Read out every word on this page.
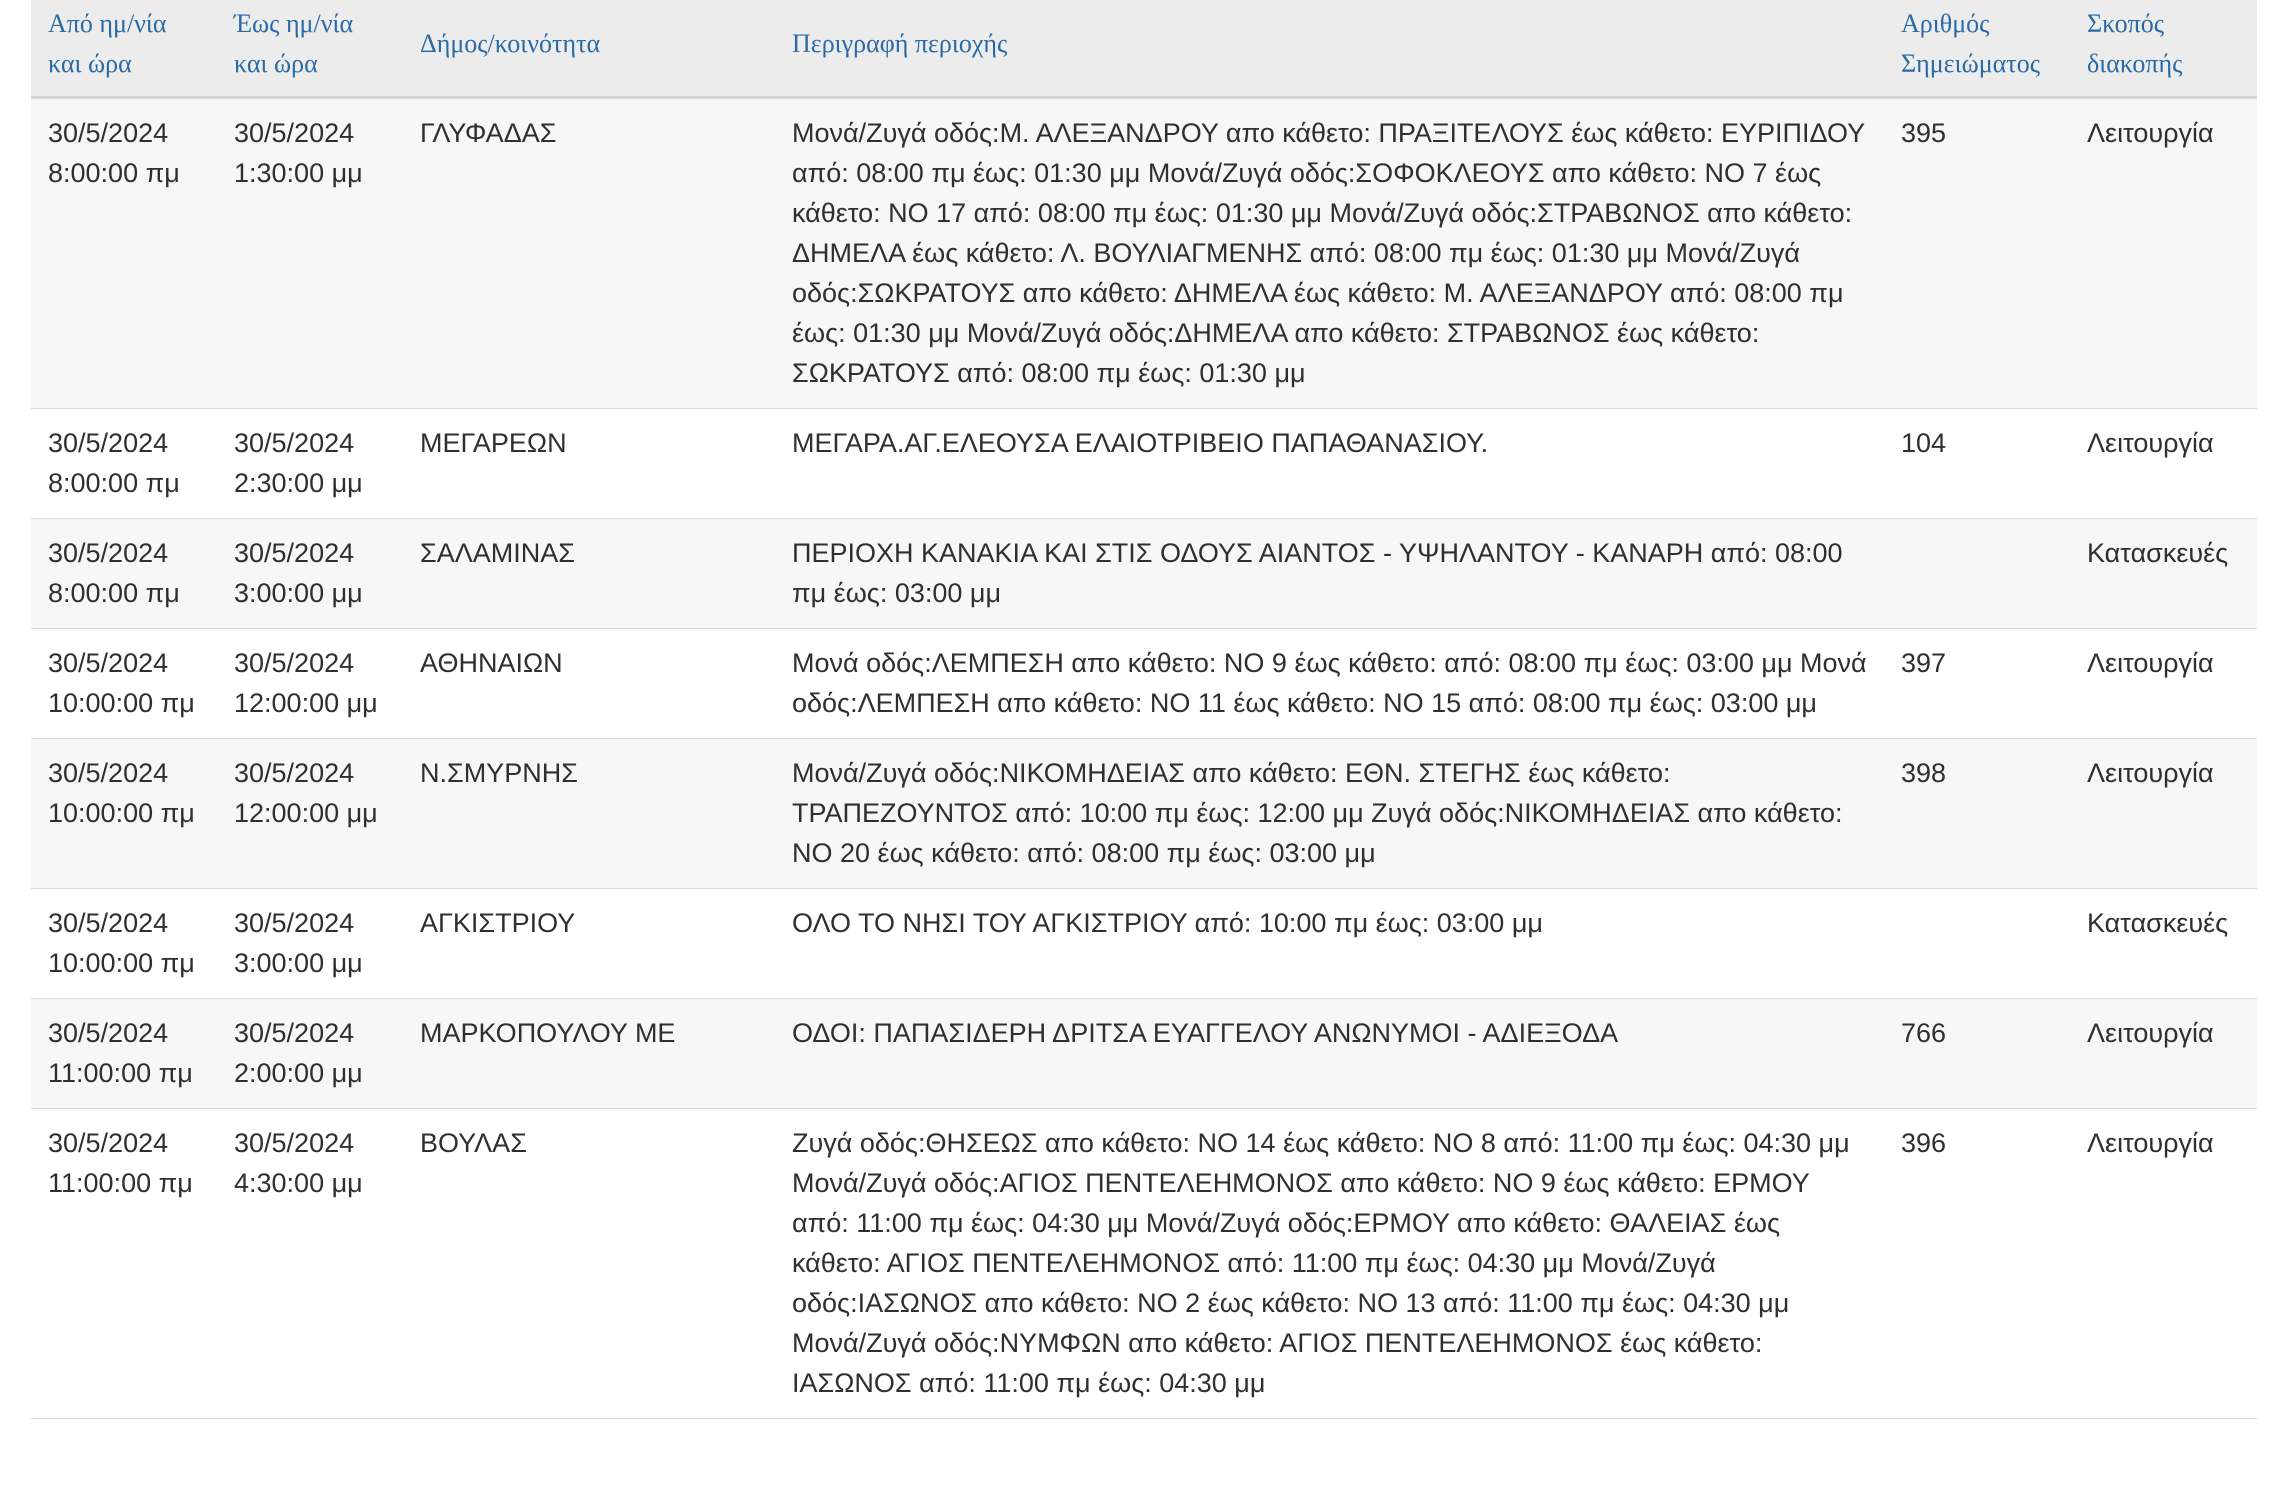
Από ημ/νία
και ώρα	Έως ημ/νία
και ώρα	Δήμος/κοινότητα	Περιγραφή περιοχής	Αριθμός
Σημειώματος	Σκοπός
διακοπής

30/5/2024
8:00:00 πμ	30/5/2024
1:30:00 μμ	ΓΛΥΦΑΔΑΣ	Μονά/Ζυγά οδός:Μ. ΑΛΕΞΑΝΔΡΟΥ απο κάθετο: ΠΡΑΞΙΤΕΛΟΥΣ έως κάθετο: ΕΥΡΙΠΙΔΟΥ από: 08:00 πμ έως: 01:30 μμ Μονά/Ζυγά οδός:ΣΟΦΟΚΛΕΟΥΣ απο κάθετο: ΝΟ 7 έως κάθετο: ΝΟ 17 από: 08:00 πμ έως: 01:30 μμ Μονά/Ζυγά οδός:ΣΤΡΑΒΩΝΟΣ απο κάθετο: ΔΗΜΕΛΑ έως κάθετο: Λ. ΒΟΥΛΙΑΓΜΕΝΗΣ από: 08:00 πμ έως: 01:30 μμ Μονά/Ζυγά οδός:ΣΩΚΡΑΤΟΥΣ απο κάθετο: ΔΗΜΕΛΑ έως κάθετο: Μ. ΑΛΕΞΑΝΔΡΟΥ από: 08:00 πμ έως: 01:30 μμ Μονά/Ζυγά οδός:ΔΗΜΕΛΑ απο κάθετο: ΣΤΡΑΒΩΝΟΣ έως κάθετο: ΣΩΚΡΑΤΟΥΣ από: 08:00 πμ έως: 01:30 μμ	395	Λειτουργία

30/5/2024
8:00:00 πμ	30/5/2024
2:30:00 μμ	ΜΕΓΑΡΕΩΝ	ΜΕΓΑΡΑ.ΑΓ.ΕΛΕΟΥΣΑ ΕΛΑΙΟΤΡΙΒΕΙΟ ΠΑΠΑΘΑΝΑΣΙΟΥ.	104	Λειτουργία

30/5/2024
8:00:00 πμ	30/5/2024
3:00:00 μμ	ΣΑΛΑΜΙΝΑΣ	ΠΕΡΙΟΧΗ ΚΑΝΑΚΙΑ ΚΑΙ ΣΤΙΣ ΟΔΟΥΣ ΑΙΑΝΤΟΣ - ΥΨΗΛΑΝΤΟΥ - ΚΑΝΑΡΗ από: 08:00 πμ έως: 03:00 μμ		Κατασκευές

30/5/2024
10:00:00 πμ	30/5/2024
12:00:00 μμ	ΑΘΗΝΑΙΩΝ	Μονά οδός:ΛΕΜΠΕΣΗ απο κάθετο: ΝΟ 9 έως κάθετο: από: 08:00 πμ έως: 03:00 μμ Μονά οδός:ΛΕΜΠΕΣΗ απο κάθετο: ΝΟ 11 έως κάθετο: ΝΟ 15 από: 08:00 πμ έως: 03:00 μμ	397	Λειτουργία

30/5/2024
10:00:00 πμ	30/5/2024
12:00:00 μμ	Ν.ΣΜΥΡΝΗΣ	Μονά/Ζυγά οδός:ΝΙΚΟΜΗΔΕΙΑΣ απο κάθετο: ΕΘΝ. ΣΤΕΓΗΣ έως κάθετο: ΤΡΑΠΕΖΟΥΝΤΟΣ από: 10:00 πμ έως: 12:00 μμ Ζυγά οδός:ΝΙΚΟΜΗΔΕΙΑΣ απο κάθετο: ΝΟ 20 έως κάθετο: από: 08:00 πμ έως: 03:00 μμ	398	Λειτουργία

30/5/2024
10:00:00 πμ	30/5/2024
3:00:00 μμ	ΑΓΚΙΣΤΡΙΟΥ	ΟΛΟ ΤΟ ΝΗΣΙ ΤΟΥ ΑΓΚΙΣΤΡΙΟΥ από: 10:00 πμ έως: 03:00 μμ		Κατασκευές

30/5/2024
11:00:00 πμ	30/5/2024
2:00:00 μμ	ΜΑΡΚΟΠΟΥΛΟΥ ΜΕ	ΟΔΟΙ: ΠΑΠΑΣΙΔΕΡΗ ΔΡΙΤΣΑ ΕΥΑΓΓΕΛΟΥ ΑΝΩΝΥΜΟΙ - ΑΔΙΕΞΟΔΑ	766	Λειτουργία

30/5/2024
11:00:00 πμ	30/5/2024
4:30:00 μμ	ΒΟΥΛΑΣ	Ζυγά οδός:ΘΗΣΕΩΣ απο κάθετο: ΝΟ 14 έως κάθετο: ΝΟ 8 από: 11:00 πμ έως: 04:30 μμ Μονά/Ζυγά οδός:ΑΓΙΟΣ ΠΕΝΤΕΛΕΗΜΟΝΟΣ απο κάθετο: ΝΟ 9 έως κάθετο: ΕΡΜΟΥ από: 11:00 πμ έως: 04:30 μμ Μονά/Ζυγά οδός:ΕΡΜΟΥ απο κάθετο: ΘΑΛΕΙΑΣ έως κάθετο: ΑΓΙΟΣ ΠΕΝΤΕΛΕΗΜΟΝΟΣ από: 11:00 πμ έως: 04:30 μμ Μονά/Ζυγά οδός:ΙΑΣΩΝΟΣ απο κάθετο: ΝΟ 2 έως κάθετο: ΝΟ 13 από: 11:00 πμ έως: 04:30 μμ Μονά/Ζυγά οδός:ΝΥΜΦΩΝ απο κάθετο: ΑΓΙΟΣ ΠΕΝΤΕΛΕΗΜΟΝΟΣ έως κάθετο: ΙΑΣΩΝΟΣ από: 11:00 πμ έως: 04:30 μμ	396	Λειτουργία
